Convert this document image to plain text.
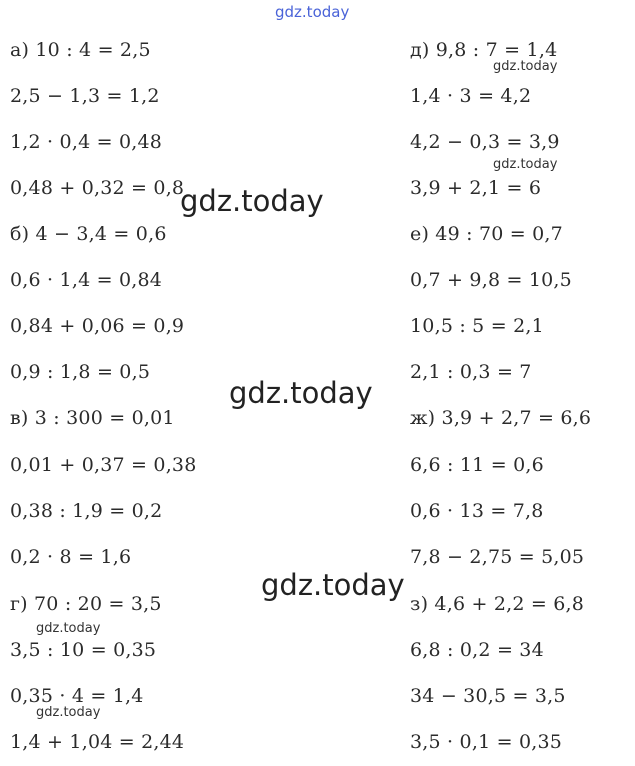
а) 10 : 4 = 2,5
2,5 − 1,3 = 1,2
1,2 · 0,4 = 0,48
0,48 + 0,32 = 0,8
б) 4 − 3,4 = 0,6
0,6 · 1,4 = 0,84
0,84 + 0,06 = 0,9
0,9 : 1,8 = 0,5
в) 3 : 300 = 0,01
0,01 + 0,37 = 0,38
0,38 : 1,9 = 0,2
0,2 · 8 = 1,6
г) 70 : 20 = 3,5
3,5 : 10 = 0,35
0,35 · 4 = 1,4
1,4 + 1,04 = 2,44
д) 9,8 : 7 = 1,4
1,4 · 3 = 4,2
4,2 − 0,3 = 3,9
3,9 + 2,1 = 6
е) 49 : 70 = 0,7
0,7 + 9,8 = 10,5
10,5 : 5 = 2,1
2,1 : 0,3 = 7
ж) 3,9 + 2,7 = 6,6
6,6 : 11 = 0,6
0,6 · 13 = 7,8
7,8 − 2,75 = 5,05
з) 4,6 + 2,2 = 6,8
6,8 : 0,2 = 34
34 − 30,5 = 3,5
3,5 · 0,1 = 0,35
gdz.today
gdz.today
gdz.today
gdz.today
gdz.today
gdz.today
gdz.today
gdz.today
